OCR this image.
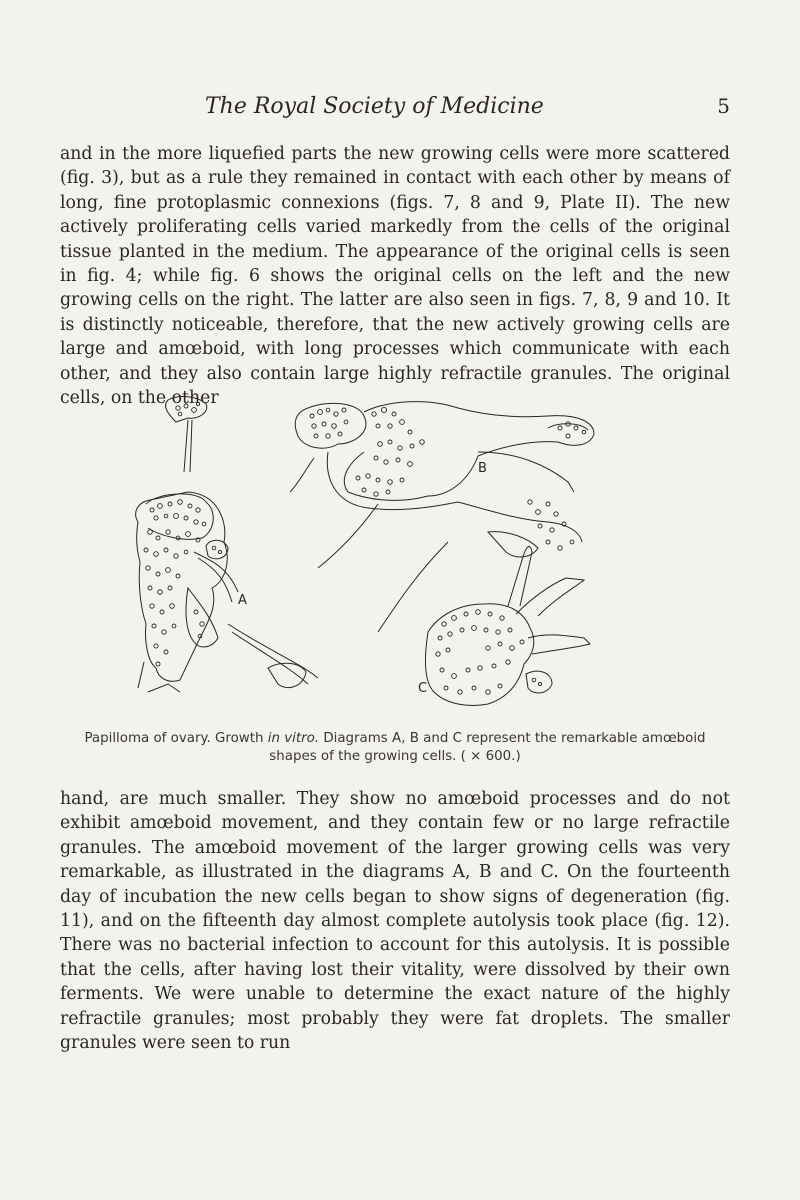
The Royal Society of Medicine	5

and in the more liquefied parts the new growing cells were more scattered (fig. 3), but as a rule they remained in contact with each other by means of long, fine protoplasmic connexions (figs. 7, 8 and 9, Plate II). The new actively proliferating cells varied markedly from the cells of the original tissue planted in the medium. The appearance of the original cells is seen in fig. 4; while fig. 6 shows the original cells on the left and the new growing cells on the right. The latter are also seen in figs. 7, 8, 9 and 10. It is distinctly noticeable, therefore, that the new actively growing cells are large and amœboid, with long processes which communicate with each other, and they also contain large highly refractile granules. The original cells, on the other

A
B
C
Papilloma of ovary. Growth in vitro. Diagrams A, B and C represent the remarkable amœboid shapes of the growing cells. ( × 600.)

hand, are much smaller. They show no amœboid processes and do not exhibit amœboid movement, and they contain few or no large refractile granules. The amœboid movement of the larger growing cells was very remarkable, as illustrated in the diagrams A, B and C. On the fourteenth day of incubation the new cells began to show signs of degeneration (fig. 11), and on the fifteenth day almost complete autolysis took place (fig. 12). There was no bacterial infection to account for this autolysis. It is possible that the cells, after having lost their vitality, were dissolved by their own ferments. We were unable to determine the exact nature of the highly refractile granules; most probably they were fat droplets. The smaller granules were seen to run
